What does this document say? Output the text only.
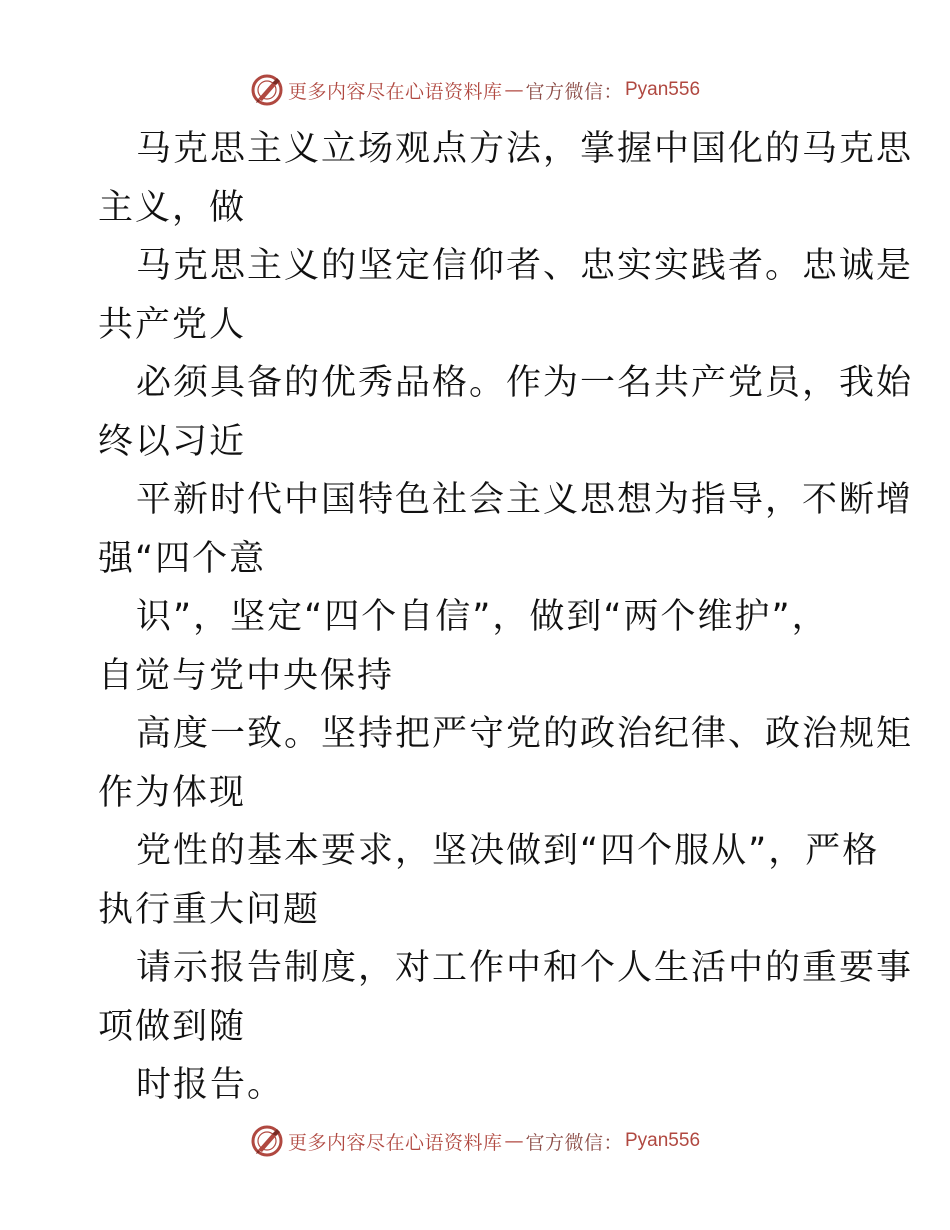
更多内容尽在心语资料库 — 官方微信： Pyan556
马克思主义立场观点方法，掌握中国化的马克思
主义，做
马克思主义的坚定信仰者、忠实实践者。忠诚是
共产党人
必须具备的优秀品格。作为一名共产党员，我始
终以习近
平新时代中国特色社会主义思想为指导，不断增
强“四个意
识”，坚定“四个自信”，做到“两个维护”，
自觉与党中央保持
高度一致。坚持把严守党的政治纪律、政治规矩
作为体现
党性的基本要求，坚决做到“四个服从”，严格
执行重大问题
请示报告制度，对工作中和个人生活中的重要事
项做到随
时报告。
更多内容尽在心语资料库 — 官方微信： Pyan556
